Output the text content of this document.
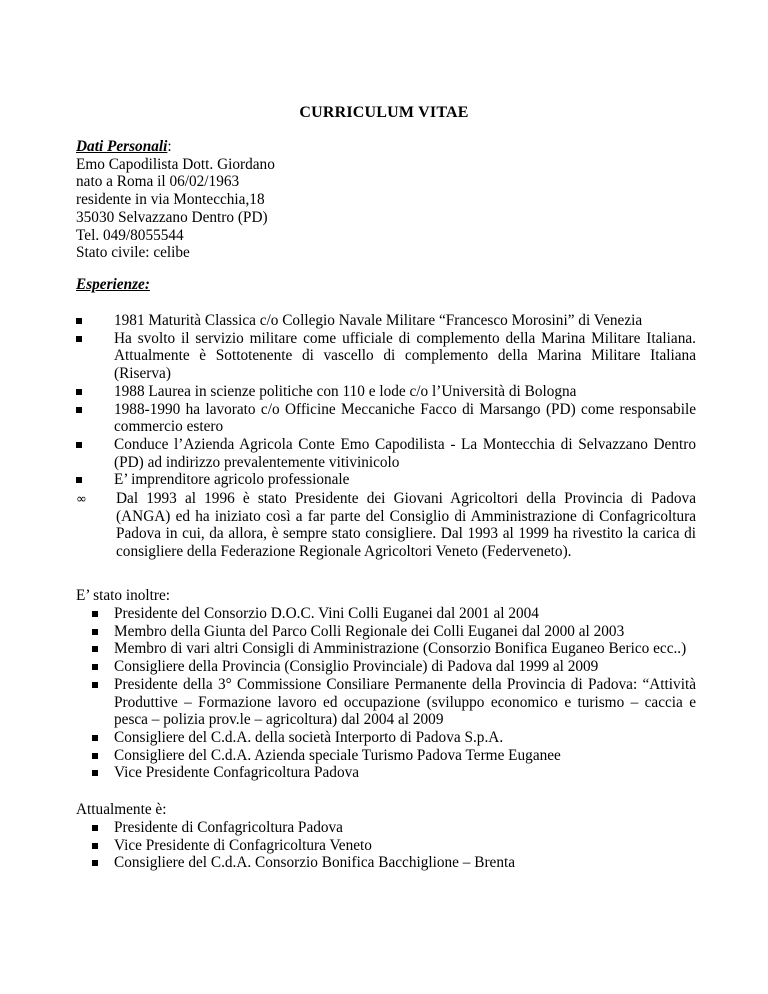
CURRICULUM VITAE
Dati Personali:
Emo Capodilista Dott. Giordano
nato a Roma il 06/02/1963
residente in via Montecchia,18
35030 Selvazzano Dentro (PD)
Tel. 049/8055544
Stato civile: celibe
Esperienze:
1981 Maturità Classica c/o Collegio Navale Militare “Francesco Morosini” di Venezia
Ha svolto il servizio militare come ufficiale di complemento della Marina Militare Italiana. Attualmente è Sottotenente di vascello di complemento della Marina Militare Italiana (Riserva)
1988 Laurea in scienze politiche con 110 e lode c/o l’Università di Bologna
1988-1990 ha lavorato c/o Officine Meccaniche Facco di Marsango (PD) come responsabile commercio estero
Conduce l’Azienda Agricola Conte Emo Capodilista - La Montecchia di Selvazzano Dentro (PD) ad indirizzo prevalentemente vitivinicolo
E’ imprenditore agricolo professionale
∞ Dal 1993 al 1996 è stato Presidente dei Giovani Agricoltori della Provincia di Padova (ANGA) ed ha iniziato così a far parte del Consiglio di Amministrazione di Confagricoltura Padova in cui, da allora, è sempre stato consigliere. Dal 1993 al 1999 ha rivestito la carica di consigliere della Federazione Regionale Agricoltori Veneto (Federveneto).
E’ stato inoltre:
Presidente del Consorzio D.O.C. Vini Colli Euganei dal 2001 al 2004
Membro della Giunta del Parco Colli Regionale dei Colli Euganei dal 2000 al 2003
Membro di vari altri Consigli di Amministrazione (Consorzio Bonifica Euganeo Berico ecc..)
Consigliere della Provincia (Consiglio Provinciale) di Padova dal 1999 al 2009
Presidente della 3° Commissione Consiliare Permanente della Provincia di Padova: “Attività Produttive – Formazione lavoro ed occupazione (sviluppo economico e turismo – caccia e pesca – polizia prov.le – agricoltura) dal 2004 al 2009
Consigliere del C.d.A. della società Interporto di Padova S.p.A.
Consigliere del C.d.A. Azienda speciale Turismo Padova Terme Euganee
Vice Presidente Confagricoltura Padova
Attualmente è:
Presidente di Confagricoltura Padova
Vice Presidente di Confagricoltura Veneto
Consigliere del C.d.A. Consorzio Bonifica Bacchiglione – Brenta
